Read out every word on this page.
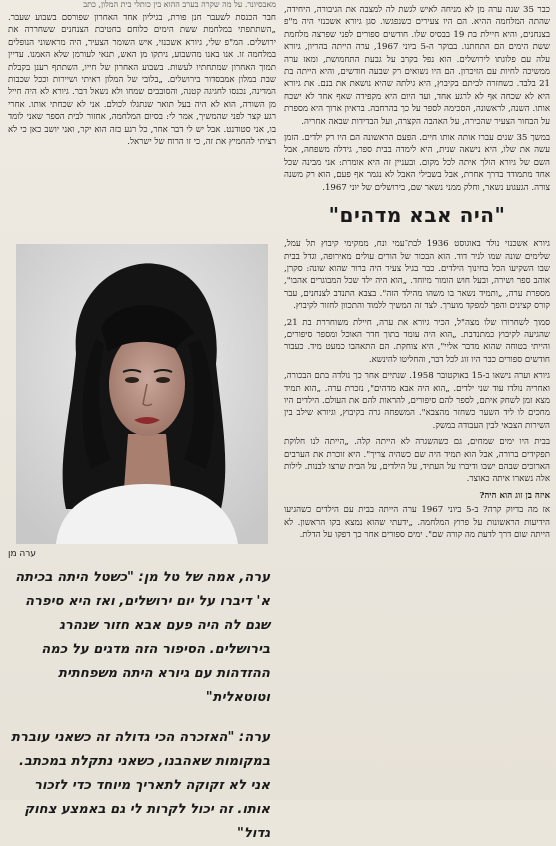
כבר 35 שנה ערה מן לא מניחה לאיש לגשת לה למצבה את הגיבורה, היחידה, שהתה המלחמה ההיא. הם היו צעירים כשנפגשו. סגן גיורא אשכנזי היה מ"פ בצנחנים, והיא חיילת בת 19 בבסיס שלו. חודשים ספורים לפני שפרצה מלחמת ששת הימים הם התחתנו. בבוקר ה-5 ביוני 1967, ערה הייתה בהריון, גיורא עלה עם פלוגתו לירושלים. הוא נפל בקרב על גבעת התחמושת, ומאז ערה ממשיכה לחיות עם הזיכרון. הם היו נשואים רק שבעה חודשים, והיא הייתה בת 21 בלבד. כשחזרה לביתם בקיבוץ, היא גילתה שהיא נושאת את בנם. את גיורא היא לא שכחה אף לא לרגע אחד, ועד היום היא מקפידה שאף אחד לא ישכח אותו. השנה, לראשונה, הסכימה לספר על כך בהרחבה. בראיון ארוך היא מספרת על הבחור הצעיר שהכירה, על האהבה הקצרה, ועל הבדידות שבאה אחריה.

במשך 35 שנים עברו אותה אותו חיים. הפעם הראשונה הם היו רק ילדים. הזמן עשה את שלו, היא נישאה שנית, היא לימדה בבית ספר, גידלה משפחה, אבל השם של גיורא הולך איתה לכל מקום. ובעניין זה היא אומרת: אני מבינה שכל אחד מתמודד בדרך אחרת, אבל בשבילי האבל לא נגמר אף פעם, הוא רק משנה צורה. הגעגוע נשאר, וחלק ממני נשאר שם, בירושלים של יוני 1967.

"היה אבא מדהים"

גיורא אשכנזי נולד באוגוסט 1936 לבת־עמי ונח, ממקימי קיבוץ תל עמל, שלימים שונה שמו לניר דוד. הוא הבכור של הורים עולים מאירופה, וגדל בבית שבו השקיעו הכל בחינוך הילדים. כבר בגיל צעיר היה ברור שהוא שונה: סקרן, אוהב ספר ושירה, ובעל חוש הומור מיוחד. „הוא היה ילד שכל המבוגרים אהבו", מספרת ערה, „ותמיד נשאר בו משהו מהילד הזה". בצבא התנדב לצנחנים, עבר קורס קצינים והפך למפקד מוערך. לצד זה המשיך ללמוד והתכוון לחזור לקיבוץ.

סמוך לשחרורו שלו מצה"ל, הכיר גיורא את ערה, חיילת משוחררת בת 21, שהגיעה לקיבוץ כמתנדבת. „הוא היה עומד בתוך חדר האוכל ומספר סיפורים, והייתי בטוחה שהוא מדבר אליי", היא צוחקת. הם התאהבו כמעט מיד. כעבור חודשים ספורים כבר היו זוג לכל דבר, והחליטו להינשא.

גיורא וערה נישאו ב-15 באוקטובר 1958. שנתיים אחר כך נולדה בתם הבכורה, ואחריה נולדו עוד שני ילדים. „הוא היה אבא מדהים", נזכרת ערה. „הוא תמיד מצא זמן לשחק איתם, לספר להם סיפורים, להראות להם את העולם. הילדים היו מחכים לו ליד השער כשחזר מהצבא". המשפחה גרה בקיבוץ, וגיורא שילב בין השירות הצבאי לבין העבודה במשק.

בבית היו ימים שמחים, גם כשהשגרה לא הייתה קלה. „הייתה לנו חלוקת תפקידים ברורה, אבל הוא תמיד היה שם כשהיה צריך". היא זוכרת את הערבים הארוכים שבהם ישבו ודיברו על העתיד, על הילדים, על הבית שרצו לבנות. לילות אלה נשארו איתה כאוצר.

איזה בן זוג הוא היה?

אז מה בדיוק קרה? ב-5 ביוני 1967 ערה הייתה בבית עם הילדים כשהגיעו הידיעות הראשונות על פרוץ המלחמה. „ידעתי שהוא נמצא בקו הראשון. לא הייתה שום דרך לדעת מה קורה שם". ימים ספורים אחר כך דפקו על הדלת.

מאבסיונר. על מה שקרה בערב ההוא בין כותלי בית המלון, כתב

חבר הכנסת לשעבר חנן פורת, בגיליון אחד האחרון שפורסם בשבוע שעבר. „השתתפתי במלחמת ששת הימים כלוחם בחטיבת הצנחנים ששחררה את ירושלים. המ"פ שלי, גיורא אשכנזי, איש השומר הצעיר, היה מראשוני הנופלים במלחמה זו. אנו באנו מהשבוע, ניתקו מן האש, תנאי לעורמן שלא האמנו. עדיין תמוך האחרון שמתחתיו לעשות. בשבוע האחרון של חייו, השתתף רענן בקבלת שבת במלון אמבסדור בירושלים. „בלובי של המלון ראיתי ושיירות וככל שכבות המדינה, נכנסו לחגיגה קטנה, והסובבים שמחו ולא נשאל דבר. גיורא לא היה חייל מן השורה, הוא לא היה בעל תואר שנתגלו לכולם. אני לא שכחתי אותו. אחרי רגע קצר לפני שהמשיך, אמר לי: בסיום המלחמה, אחזור לבית הספר שאני לומד בו, אני סטודנט. אבל יש לי דבר אחר, כל רגע כזה הוא יקר, ואני יושב כאן כי לא רציתי להחמיץ את זה, כי זו הרוח של ישראל.

ערה מן
ערה, אמה של טל מן: "כשטל היתה בכיתה א' דיברו על יום ירושלים, ואז היא סיפרה שגם לה היה פעם אבא חזור שנהרג בירושלים. הסיפור הזה מדגים על כמה ההזדהות עם גיורא היתה משפחתית וטוטאלית"
ערה: "האזכרה הכי גדולה זה כשאני עוברת במקומות שאהבנו, כשאני נתקלת במכתב. אני לא זקוקה לתאריך מיוחד כדי לזכור אותו. זה יכול לקרות לי גם באמצע צחוק גדול"
